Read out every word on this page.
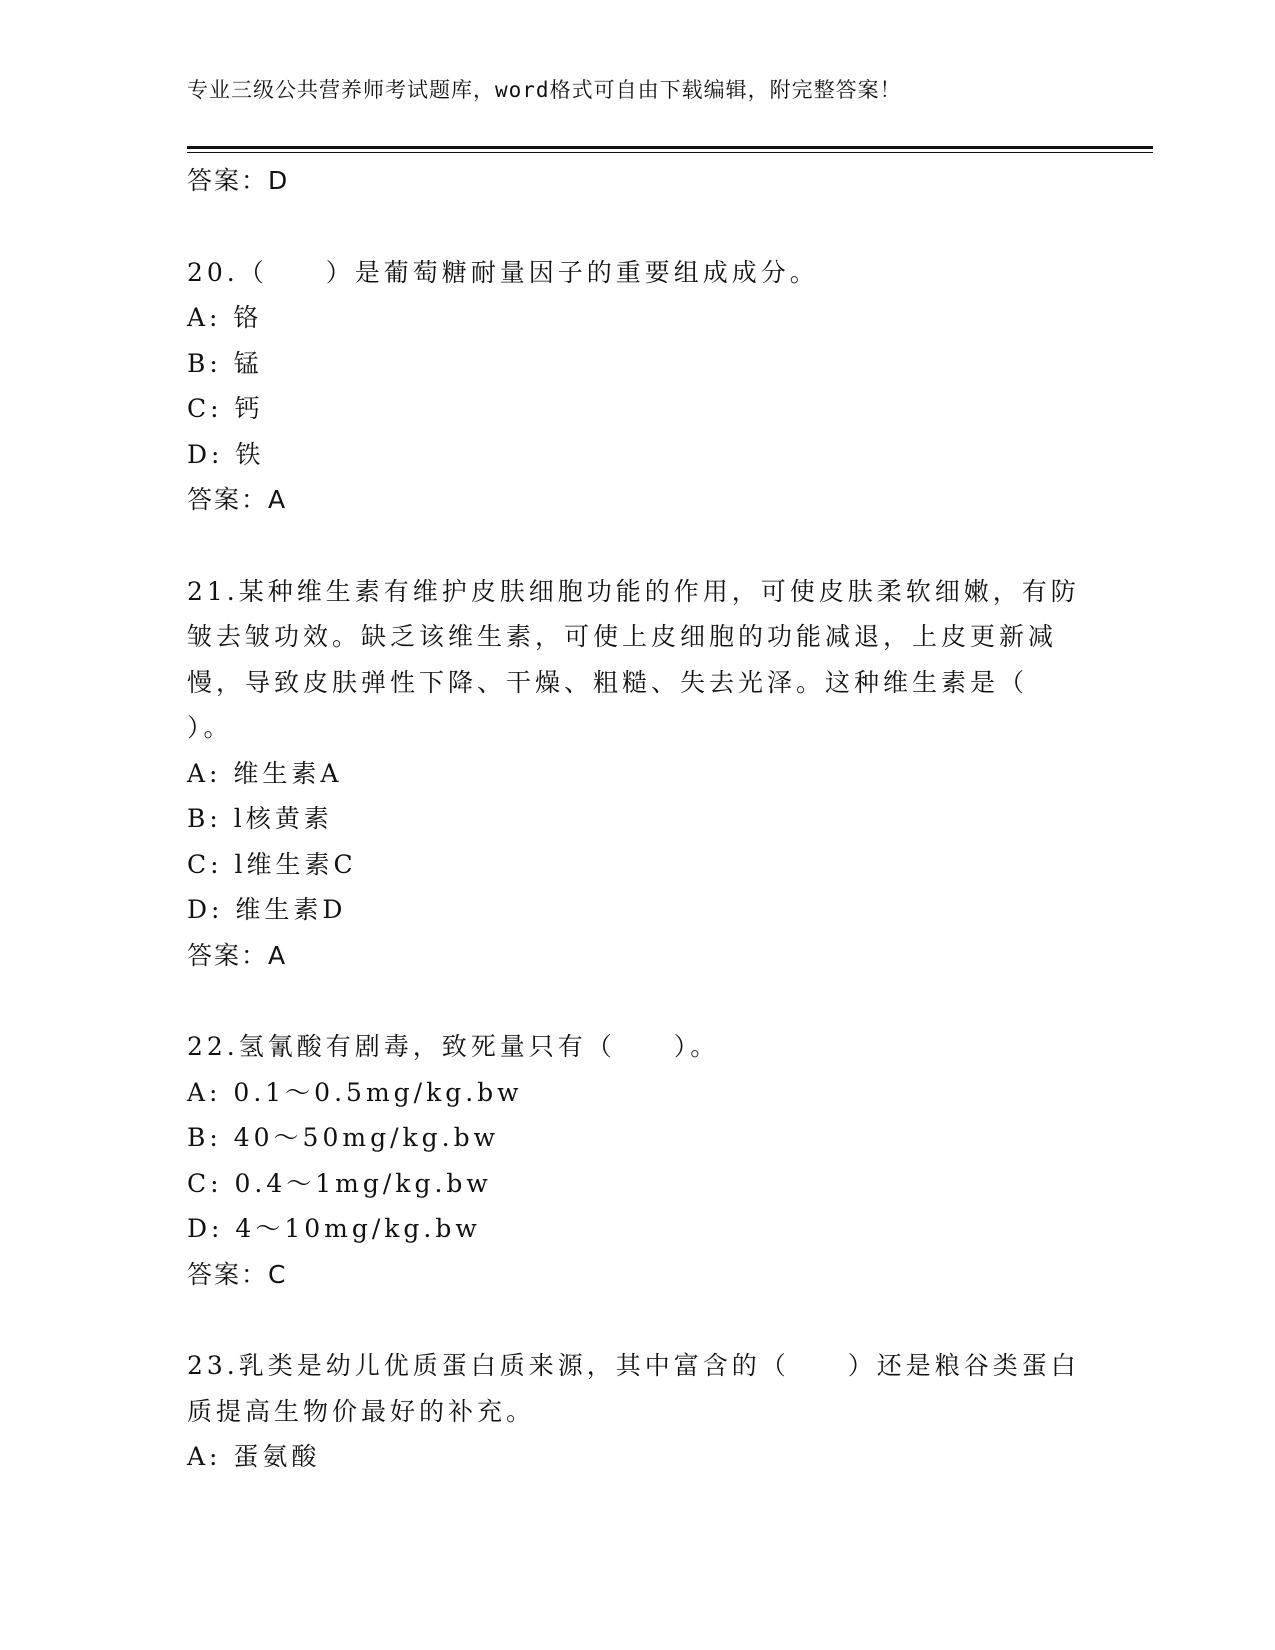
专业三级公共营养师考试题库，word格式可自由下载编辑，附完整答案！
答案：D
20.（　　）是葡萄糖耐量因子的重要组成成分。
A: 铬
B: 锰
C: 钙
D: 铁
答案：A
21.某种维生素有维护皮肤细胞功能的作用，可使皮肤柔软细嫩，有防
皱去皱功效。缺乏该维生素，可使上皮细胞的功能减退，上皮更新减
慢，导致皮肤弹性下降、干燥、粗糙、失去光泽。这种维生素是（
）。
A: 维生素A
B: l核黄素
C: l维生素C
D: 维生素D
答案：A
22.氢氰酸有剧毒，致死量只有（　　）。
A: 0.1～0.5mg/kg.bw
B: 40～50mg/kg.bw
C: 0.4～1mg/kg.bw
D: 4～10mg/kg.bw
答案：C
23.乳类是幼儿优质蛋白质来源，其中富含的（　　）还是粮谷类蛋白
质提高生物价最好的补充。
A: 蛋氨酸
